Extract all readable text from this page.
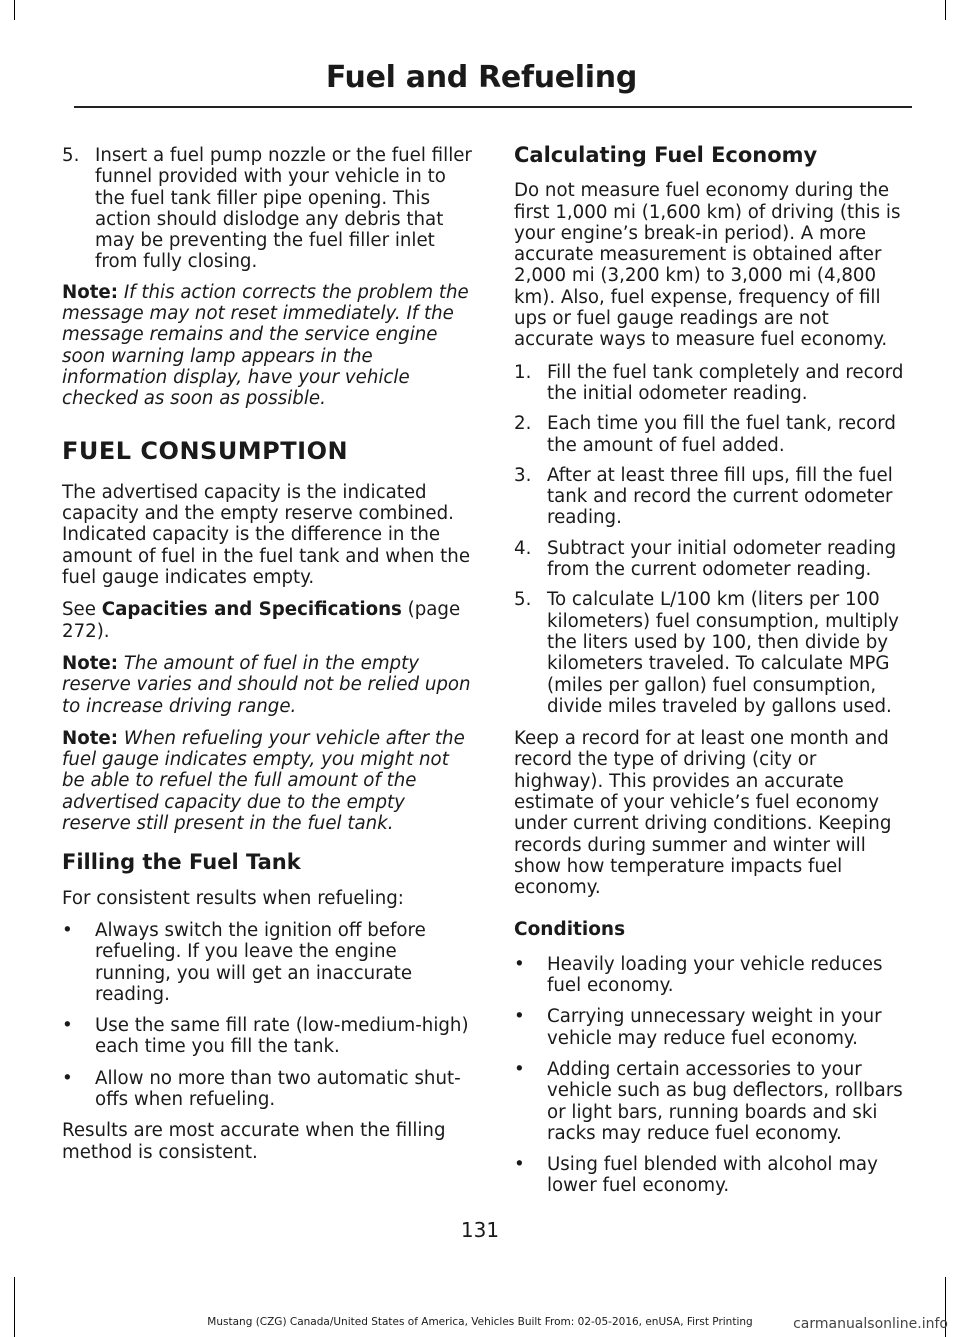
Fuel and Refueling
5. Insert a fuel pump nozzle or the fuel filler funnel provided with your vehicle in to the fuel tank filler pipe opening. This action should dislodge any debris that may be preventing the fuel filler inlet from fully closing.

Note: If this action corrects the problem the message may not reset immediately. If the message remains and the service engine soon warning lamp appears in the information display, have your vehicle checked as soon as possible.

FUEL CONSUMPTION

The advertised capacity is the indicated capacity and the empty reserve combined. Indicated capacity is the difference in the amount of fuel in the fuel tank and when the fuel gauge indicates empty.

See Capacities and Specifications (page 272).

Note: The amount of fuel in the empty reserve varies and should not be relied upon to increase driving range.

Note: When refueling your vehicle after the fuel gauge indicates empty, you might not be able to refuel the full amount of the advertised capacity due to the empty reserve still present in the fuel tank.

Filling the Fuel Tank

For consistent results when refueling:

•	Always switch the ignition off before refueling. If you leave the engine running, you will get an inaccurate reading.
•	Use the same fill rate (low-medium-high) each time you fill the tank.
•	Allow no more than two automatic shut-offs when refueling.

Results are most accurate when the filling method is consistent.

Calculating Fuel Economy

Do not measure fuel economy during the first 1,000 mi (1,600 km) of driving (this is your engine’s break-in period). A more accurate measurement is obtained after 2,000 mi (3,200 km) to 3,000 mi (4,800 km). Also, fuel expense, frequency of fill ups or fuel gauge readings are not accurate ways to measure fuel economy.

1. Fill the fuel tank completely and record the initial odometer reading.
2. Each time you fill the fuel tank, record the amount of fuel added.
3. After at least three fill ups, fill the fuel tank and record the current odometer reading.
4. Subtract your initial odometer reading from the current odometer reading.
5. To calculate L/100 km (liters per 100 kilometers) fuel consumption, multiply the liters used by 100, then divide by kilometers traveled. To calculate MPG (miles per gallon) fuel consumption, divide miles traveled by gallons used.

Keep a record for at least one month and record the type of driving (city or highway). This provides an accurate estimate of your vehicle’s fuel economy under current driving conditions. Keeping records during summer and winter will show how temperature impacts fuel economy.

Conditions
•	Heavily loading your vehicle reduces fuel economy.
•	Carrying unnecessary weight in your vehicle may reduce fuel economy.
•	Adding certain accessories to your vehicle such as bug deflectors, rollbars or light bars, running boards and ski racks may reduce fuel economy.
•	Using fuel blended with alcohol may lower fuel economy.
131
Mustang (CZG) Canada/United States of America, Vehicles Built From: 02-05-2016, enUSA, First Printing	carmanualsonline.info
